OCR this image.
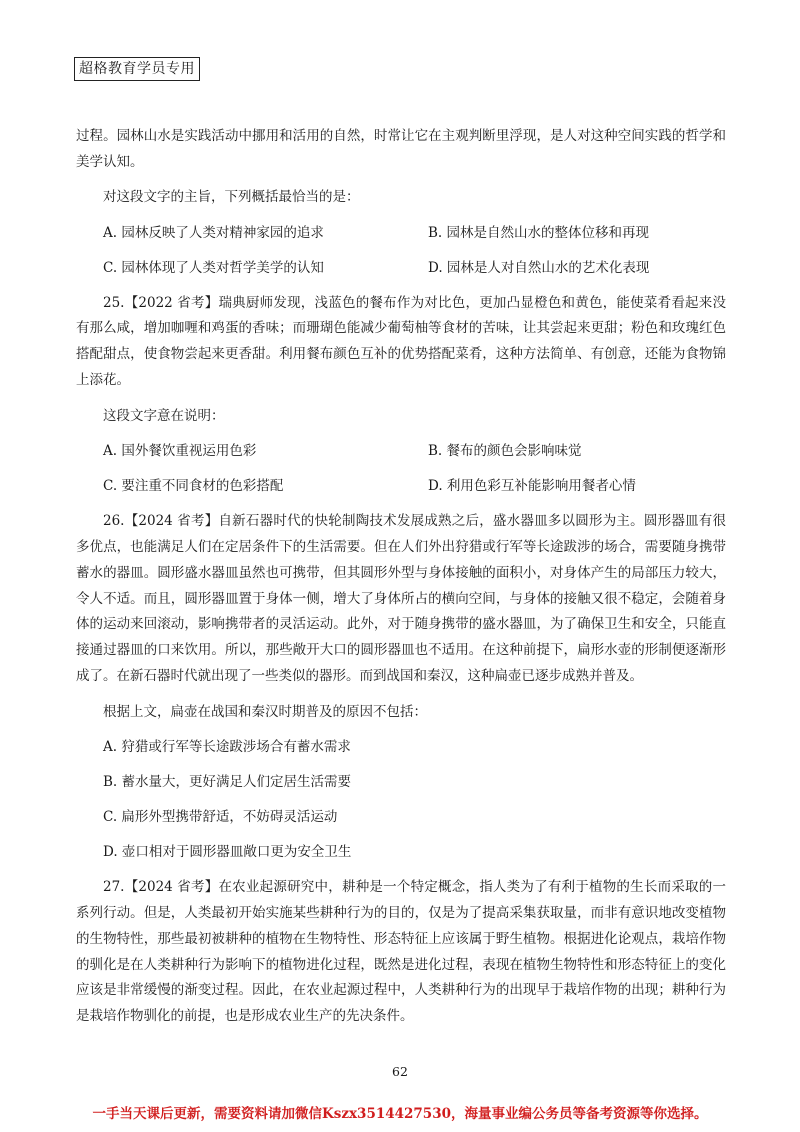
超格教育学员专用

过程。园林山水是实践活动中挪用和活用的自然，时常让它在主观判断里浮现，是人对这种空间实践的哲学和美学认知。

对这段文字的主旨，下列概括最恰当的是：

A. 园林反映了人类对精神家园的追求	B. 园林是自然山水的整体位移和再现
C. 园林体现了人类对哲学美学的认知	D. 园林是人对自然山水的艺术化表现

25.【2022 省考】瑞典厨师发现，浅蓝色的餐布作为对比色，更加凸显橙色和黄色，能使菜肴看起来没有那么咸，增加咖喱和鸡蛋的香味；而珊瑚色能减少葡萄柚等食材的苦味，让其尝起来更甜；粉色和玫瑰红色搭配甜点，使食物尝起来更香甜。利用餐布颜色互补的优势搭配菜肴，这种方法简单、有创意，还能为食物锦上添花。

这段文字意在说明：

A. 国外餐饮重视运用色彩	B. 餐布的颜色会影响味觉
C. 要注重不同食材的色彩搭配	D. 利用色彩互补能影响用餐者心情

26.【2024 省考】自新石器时代的快轮制陶技术发展成熟之后，盛水器皿多以圆形为主。圆形器皿有很多优点，也能满足人们在定居条件下的生活需要。但在人们外出狩猎或行军等长途跋涉的场合，需要随身携带蓄水的器皿。圆形盛水器皿虽然也可携带，但其圆形外型与身体接触的面积小，对身体产生的局部压力较大，令人不适。而且，圆形器皿置于身体一侧，增大了身体所占的横向空间，与身体的接触又很不稳定，会随着身体的运动来回滚动，影响携带者的灵活运动。此外，对于随身携带的盛水器皿，为了确保卫生和安全，只能直接通过器皿的口来饮用。所以，那些敞开大口的圆形器皿也不适用。在这种前提下，扁形水壶的形制便逐渐形成了。在新石器时代就出现了一些类似的器形。而到战国和秦汉，这种扁壶已逐步成熟并普及。

根据上文，扁壶在战国和秦汉时期普及的原因不包括：

A. 狩猎或行军等长途跋涉场合有蓄水需求
B. 蓄水量大，更好满足人们定居生活需要
C. 扁形外型携带舒适，不妨碍灵活运动
D. 壶口相对于圆形器皿敞口更为安全卫生

27.【2024 省考】在农业起源研究中，耕种是一个特定概念，指人类为了有利于植物的生长而采取的一系列行动。但是，人类最初开始实施某些耕种行为的目的，仅是为了提高采集获取量，而非有意识地改变植物的生物特性，那些最初被耕种的植物在生物特性、形态特征上应该属于野生植物。根据进化论观点，栽培作物的驯化是在人类耕种行为影响下的植物进化过程，既然是进化过程，表现在植物生物特性和形态特征上的变化应该是非常缓慢的渐变过程。因此，在农业起源过程中，人类耕种行为的出现早于栽培作物的出现；耕种行为是栽培作物驯化的前提，也是形成农业生产的先决条件。

62
一手当天课后更新，需要资料请加微信Kszx3514427530，海量事业编公务员等备考资源等你选择。
